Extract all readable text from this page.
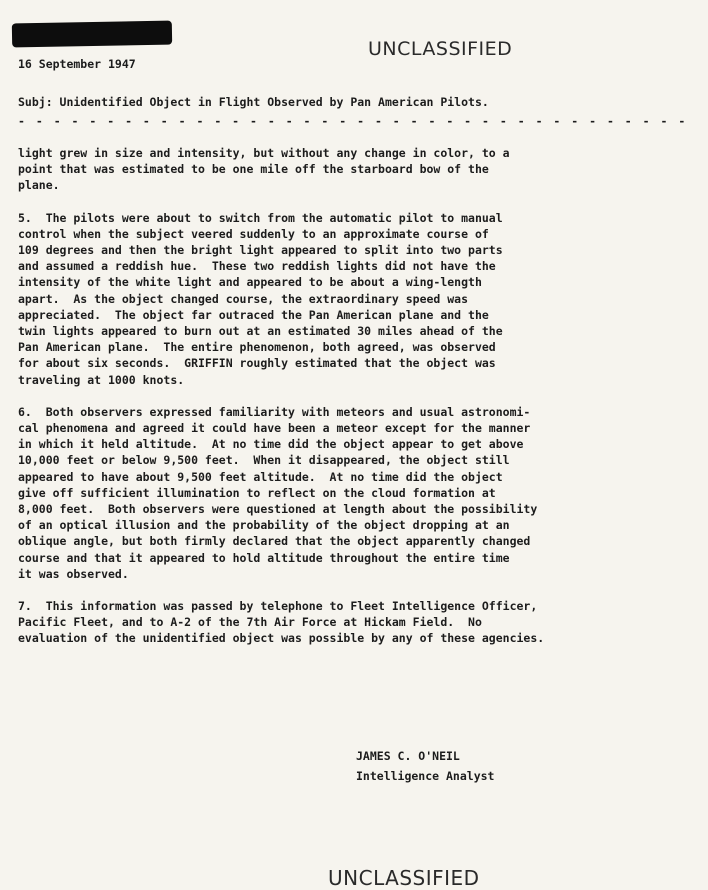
UNCLASSIFIED
16 September 1947
Subj: Unidentified Object in Flight Observed by Pan American Pilots.
- - - - - - - - - - - - - - - - - - - - - - - - - - - - - - - - - - - - - -

light grew in size and intensity, but without any change in color, to a
point that was estimated to be one mile off the starboard bow of the
plane.

5.  The pilots were about to switch from the automatic pilot to manual
control when the subject veered suddenly to an approximate course of
109 degrees and then the bright light appeared to split into two parts
and assumed a reddish hue.  These two reddish lights did not have the
intensity of the white light and appeared to be about a wing-length
apart.  As the object changed course, the extraordinary speed was
appreciated.  The object far outraced the Pan American plane and the
twin lights appeared to burn out at an estimated 30 miles ahead of the
Pan American plane.  The entire phenomenon, both agreed, was observed
for about six seconds.  GRIFFIN roughly estimated that the object was
traveling at 1000 knots.

6.  Both observers expressed familiarity with meteors and usual astronomi-
cal phenomena and agreed it could have been a meteor except for the manner
in which it held altitude.  At no time did the object appear to get above
10,000 feet or below 9,500 feet.  When it disappeared, the object still
appeared to have about 9,500 feet altitude.  At no time did the object
give off sufficient illumination to reflect on the cloud formation at
8,000 feet.  Both observers were questioned at length about the possibility
of an optical illusion and the probability of the object dropping at an
oblique angle, but both firmly declared that the object apparently changed
course and that it appeared to hold altitude throughout the entire time
it was observed.

7.  This information was passed by telephone to Fleet Intelligence Officer,
Pacific Fleet, and to A-2 of the 7th Air Force at Hickam Field.  No
evaluation of the unidentified object was possible by any of these agencies.

JAMES C. O'NEIL
Intelligence Analyst
UNCLASSIFIED
